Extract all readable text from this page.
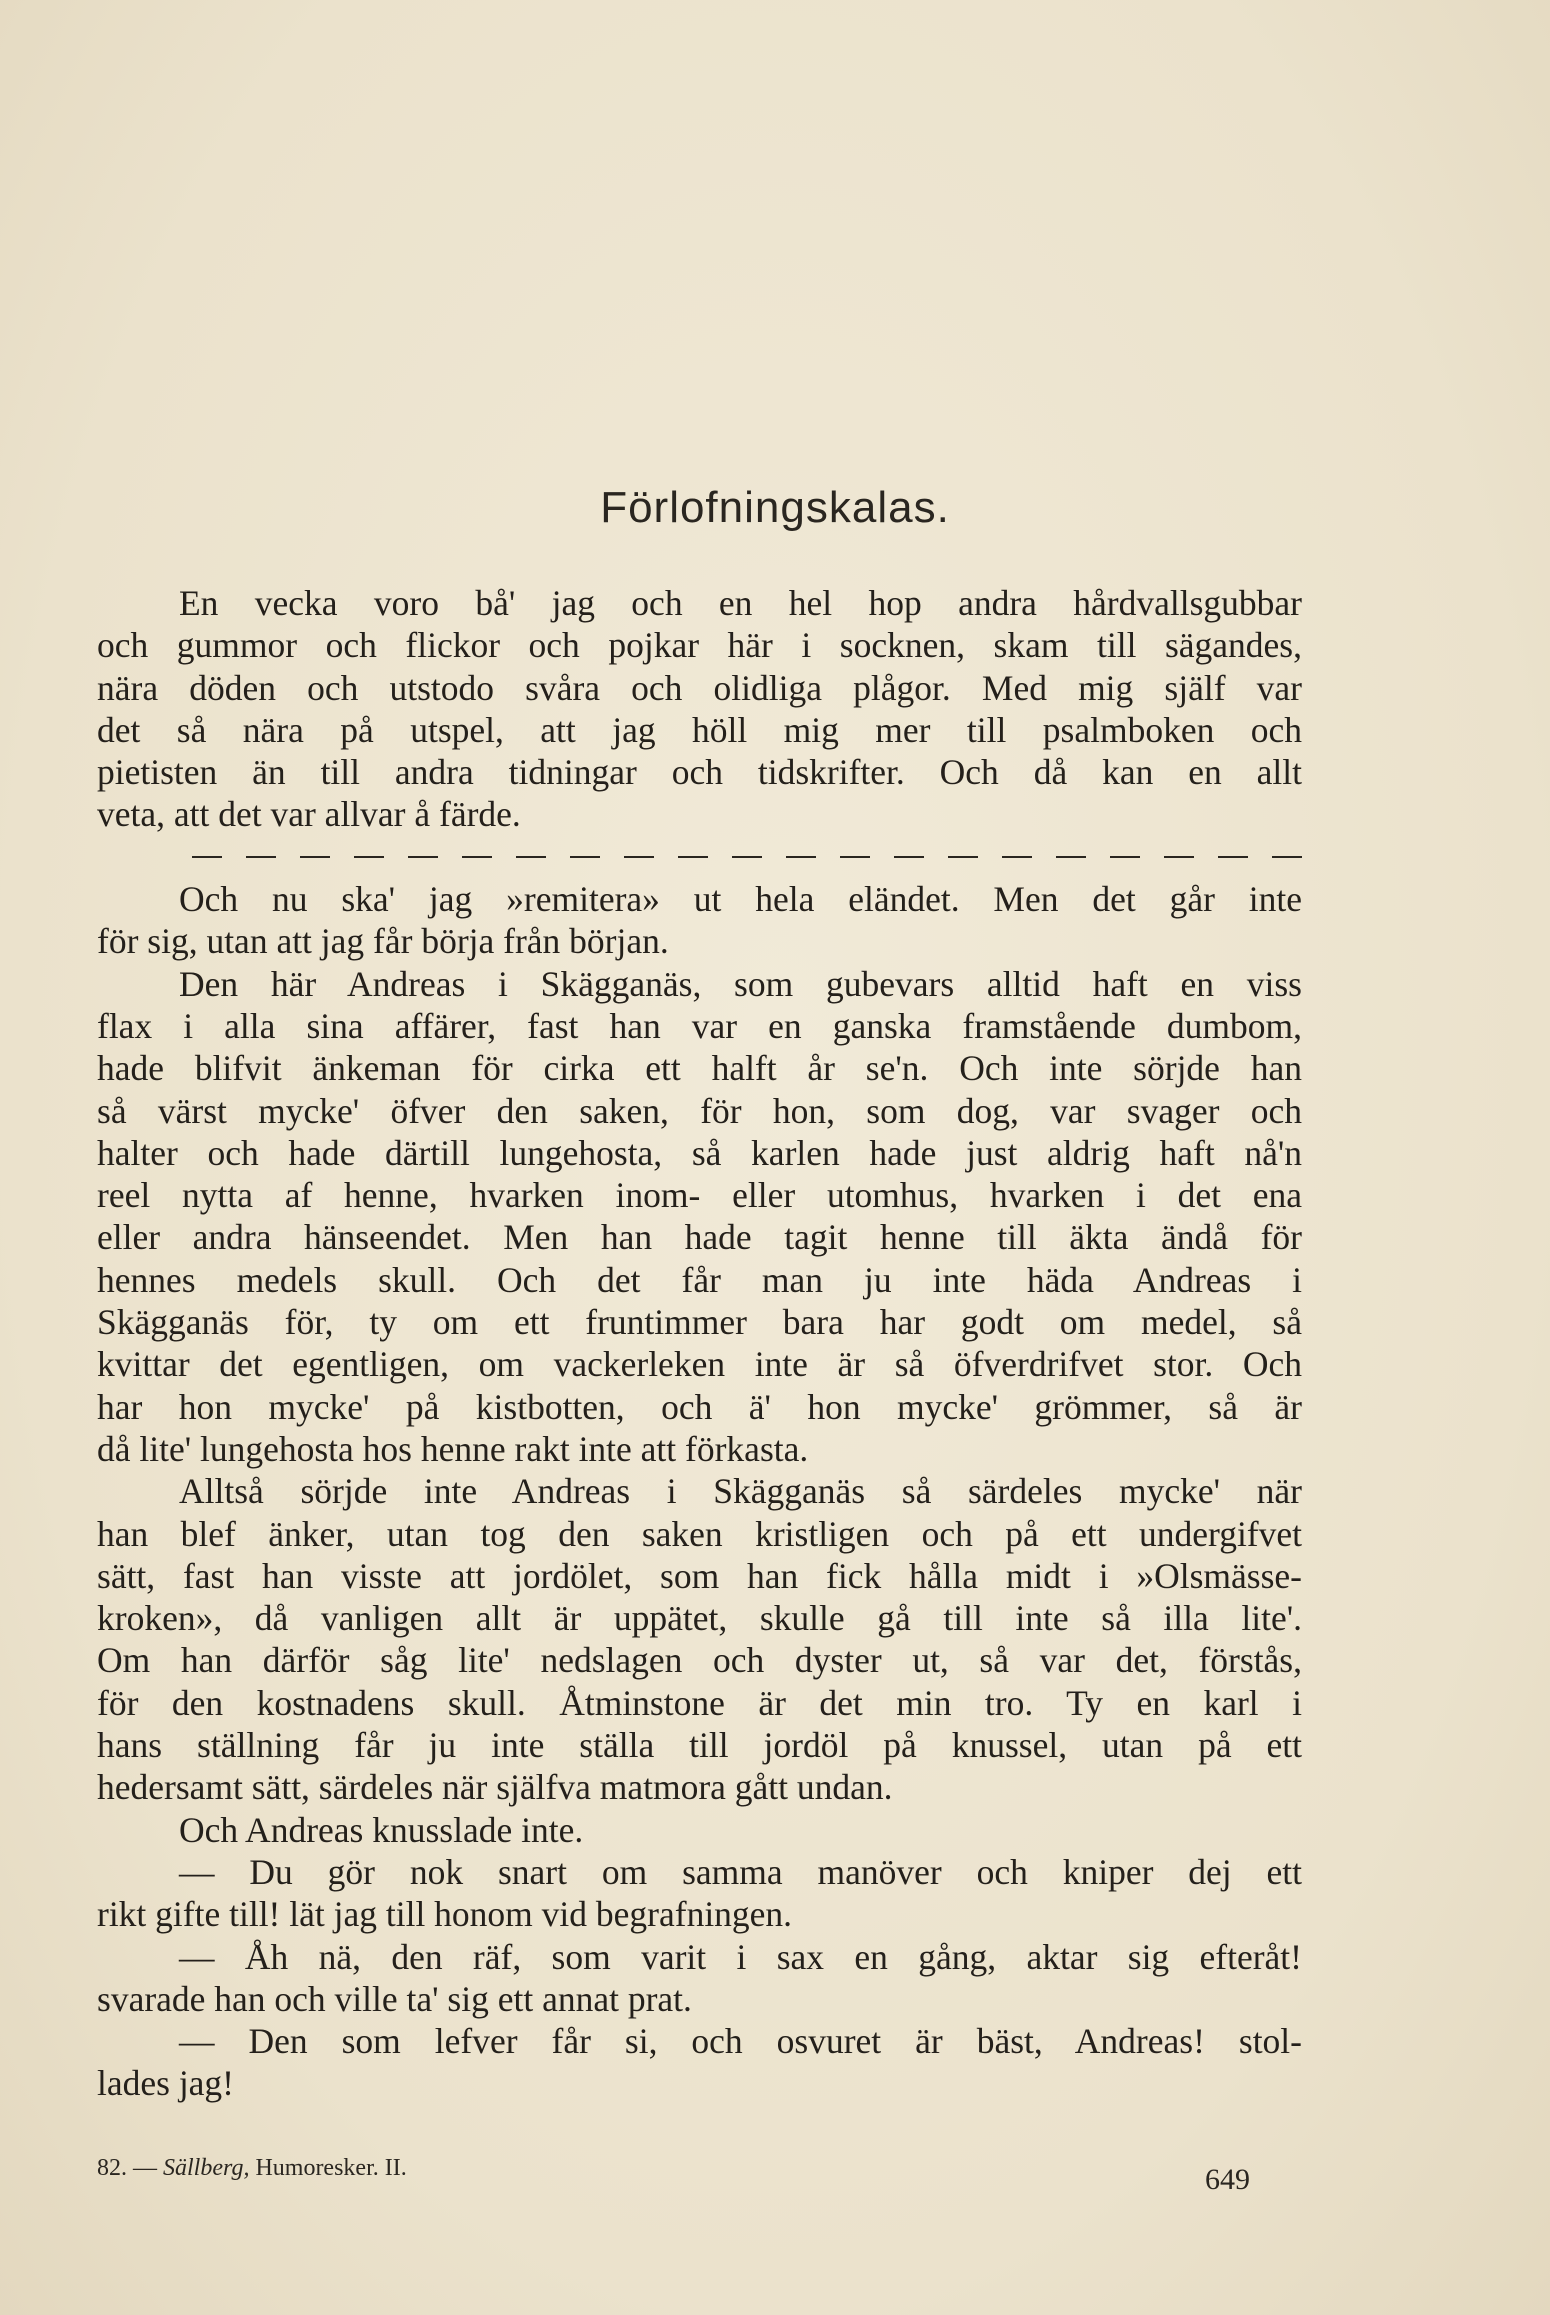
Förlofningskalas.
En vecka voro bå' jag och en hel hop andra hårdvallsgubbar
och gummor och flickor och pojkar här i socknen, skam till sägandes,
nära döden och utstodo svåra och olidliga plågor. Med mig själf var
det så nära på utspel, att jag höll mig mer till psalmboken och
pietisten än till andra tidningar och tidskrifter. Och då kan en allt
veta, att det var allvar å färde.
Och nu ska' jag »remitera» ut hela eländet. Men det går inte
för sig, utan att jag får börja från början.
Den här Andreas i Skägganäs, som gubevars alltid haft en viss
flax i alla sina affärer, fast han var en ganska framstående dumbom,
hade blifvit änkeman för cirka ett halft år se'n. Och inte sörjde han
så värst mycke' öfver den saken, för hon, som dog, var svager och
halter och hade därtill lungehosta, så karlen hade just aldrig haft nå'n
reel nytta af henne, hvarken inom- eller utomhus, hvarken i det ena
eller andra hänseendet. Men han hade tagit henne till äkta ändå för
hennes medels skull. Och det får man ju inte häda Andreas i
Skägganäs för, ty om ett fruntimmer bara har godt om medel, så
kvittar det egentligen, om vackerleken inte är så öfverdrifvet stor. Och
har hon mycke' på kistbotten, och ä' hon mycke' grömmer, så är
då lite' lungehosta hos henne rakt inte att förkasta.
Alltså sörjde inte Andreas i Skägganäs så särdeles mycke' när
han blef änker, utan tog den saken kristligen och på ett undergifvet
sätt, fast han visste att jordölet, som han fick hålla midt i »Olsmässe-
kroken», då vanligen allt är uppätet, skulle gå till inte så illa lite'.
Om han därför såg lite' nedslagen och dyster ut, så var det, förstås,
för den kostnadens skull. Åtminstone är det min tro. Ty en karl i
hans ställning får ju inte ställa till jordöl på knussel, utan på ett
hedersamt sätt, särdeles när själfva matmora gått undan.
Och Andreas knusslade inte.
— Du gör nok snart om samma manöver och kniper dej ett
rikt gifte till! lät jag till honom vid begrafningen.
— Åh nä, den räf, som varit i sax en gång, aktar sig efteråt!
svarade han och ville ta' sig ett annat prat.
— Den som lefver får si, och osvuret är bäst, Andreas! stol-
lades jag!
82. — Sällberg, Humoresker. II.	649
